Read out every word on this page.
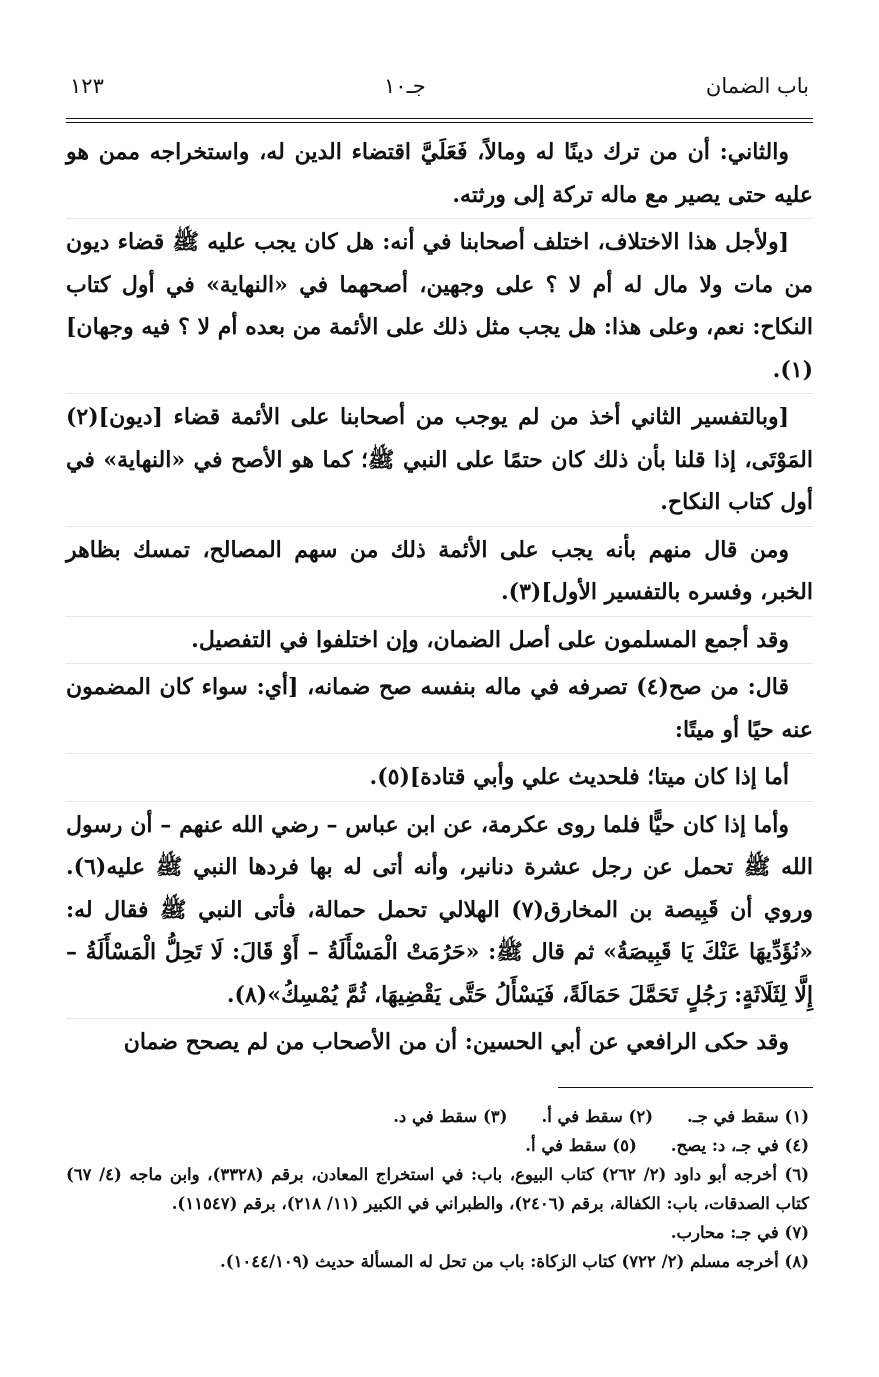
باب الضمان
جـ١٠
١٢٣

والثاني: أن من ترك دينًا له ومالاً، فَعَلَيَّ اقتضاء الدين له، واستخراجه ممن هو عليه حتى يصير مع ماله تركة إلى ورثته.

[ولأجل هذا الاختلاف، اختلف أصحابنا في أنه: هل كان يجب عليه ﷺ قضاء ديون من مات ولا مال له أم لا ؟ على وجهين، أصحهما في «النهاية» في أول كتاب النكاح: نعم، وعلى هذا: هل يجب مثل ذلك على الأئمة من بعده أم لا ؟ فيه وجهان](١).

[وبالتفسير الثاني أخذ من لم يوجب من أصحابنا على الأئمة قضاء [ديون](٢) المَوْتَى، إذا قلنا بأن ذلك كان حتمًا على النبي ﷺ؛ كما هو الأصح في «النهاية» في أول كتاب النكاح.

ومن قال منهم بأنه يجب على الأئمة ذلك من سهم المصالح، تمسك بظاهر الخبر، وفسره بالتفسير الأول](٣).

وقد أجمع المسلمون على أصل الضمان، وإن اختلفوا في التفصيل.

قال: من صح(٤) تصرفه في ماله بنفسه صح ضمانه، [أي: سواء كان المضمون عنه حيًا أو ميتًا:

أما إذا كان ميتا؛ فلحديث علي وأبي قتادة](٥).

وأما إذا كان حيًّا فلما روى عكرمة، عن ابن عباس – رضي الله عنهم – أن رسول الله ﷺ تحمل عن رجل عشرة دنانير، وأنه أتى له بها فردها النبي ﷺ عليه(٦). وروي أن قَبِيصة بن المخارق(٧) الهلالي تحمل حمالة، فأتى النبي ﷺ فقال له: «نُؤَدِّيهَا عَنْكَ يَا قَبِيصَةُ» ثم قال ﷺ: «حَرُمَتْ الْمَسْأَلَةُ – أَوْ قَالَ: لَا تَحِلُّ الْمَسْأَلَةُ – إِلَّا لِثَلَاثَةٍ: رَجُلٍ تَحَمَّلَ حَمَالَةً، فَيَسْأَلُ حَتَّى يَقْضِيهَا، ثُمَّ يُمْسِكُ»(٨).

وقد حكى الرافعي عن أبي الحسين: أن من الأصحاب من لم يصحح ضمان

(١) سقط في جـ.
(٢) سقط في أ.
(٣) سقط في د.
(٤) في جـ، د: يصح.
(٥) سقط في أ.
(٦) أخرجه أبو داود (٢/ ٢٦٢) كتاب البيوع، باب: في استخراج المعادن، برقم (٣٣٢٨)، وابن ماجه (٤/ ٦٧) كتاب الصدقات، باب: الكفالة، برقم (٢٤٠٦)، والطبراني في الكبير (١١/ ٢١٨)، برقم (١١٥٤٧).
(٧) في جـ: محارب.
(٨) أخرجه مسلم (٢/ ٧٢٢) كتاب الزكاة: باب من تحل له المسألة حديث (١٠٤٤/١٠٩).
